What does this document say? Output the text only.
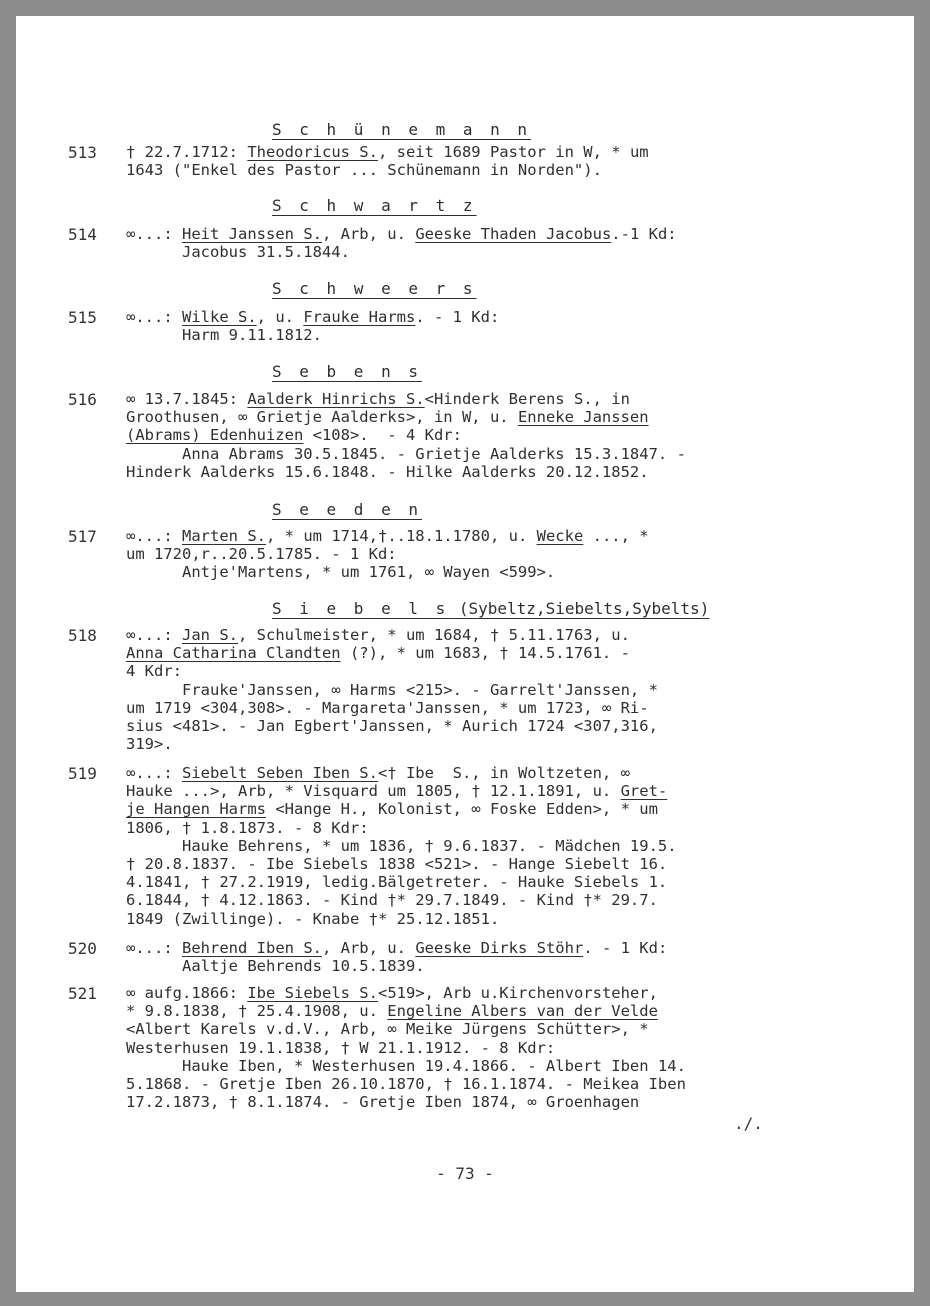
S c h ü n e m a n n
513 † 22.7.1712: Theodoricus S., seit 1689 Pastor in W, * um
1643 ("Enkel des Pastor ... Schünemann in Norden").
S c h w a r t z
514 ∞...: Heit Janssen S., Arb, u. Geeske Thaden Jacobus.-1 Kd:
Jacobus 31.5.1844.
S c h w e e r s
515 ∞...: Wilke S., u. Frauke Harms. - 1 Kd:
Harm 9.11.1812.
S e b e n s
516 ∞ 13.7.1845: Aalderk Hinrichs S.<Hinderk Berens S., in
Groothusen, ∞ Grietje Aalderks>, in W, u. Enneke Janssen
(Abrams) Edenhuizen <108>.  - 4 Kdr:
Anna Abrams 30.5.1845. - Grietje Aalderks 15.3.1847. -
Hinderk Aalderks 15.6.1848. - Hilke Aalderks 20.12.1852.
S e e d e n
517 ∞...: Marten S., * um 1714,†..18.1.1780, u. Wecke ..., *
um 1720,r..20.5.1785. - 1 Kd:
Antje'Martens, * um 1761, ∞ Wayen <599>.
S i e b e l s (Sybeltz,Siebelts,Sybelts)
518 ∞...: Jan S., Schulmeister, * um 1684, † 5.11.1763, u.
Anna Catharina Clandten (?), * um 1683, † 14.5.1761. -
4 Kdr:
Frauke'Janssen, ∞ Harms <215>. - Garrelt'Janssen, *
um 1719 <304,308>. - Margareta'Janssen, * um 1723, ∞ Ri-
sius <481>. - Jan Egbert'Janssen, * Aurich 1724 <307,316,
319>.
519 ∞...: Siebelt Seben Iben S.<† Ibe  S., in Woltzeten, ∞
Hauke ...>, Arb, * Visquard um 1805, † 12.1.1891, u. Gret-
je Hangen Harms <Hange H., Kolonist, ∞ Foske Edden>, * um
1806, † 1.8.1873. - 8 Kdr:
Hauke Behrens, * um 1836, † 9.6.1837. - Mädchen 19.5.
† 20.8.1837. - Ibe Siebels 1838 <521>. - Hange Siebelt 16.
4.1841, † 27.2.1919, ledig.Bälgetreter. - Hauke Siebels 1.
6.1844, † 4.12.1863. - Kind †* 29.7.1849. - Kind †* 29.7.
1849 (Zwillinge). - Knabe †* 25.12.1851.
520 ∞...: Behrend Iben S., Arb, u. Geeske Dirks Stöhr. - 1 Kd:
Aaltje Behrends 10.5.1839.
521 ∞ aufg.1866: Ibe Siebels S.<519>, Arb u.Kirchenvorsteher,
* 9.8.1838, † 25.4.1908, u. Engeline Albers van der Velde
<Albert Karels v.d.V., Arb, ∞ Meike Jürgens Schütter>, *
Westerhusen 19.1.1838, † W 21.1.1912. - 8 Kdr:
Hauke Iben, * Westerhusen 19.4.1866. - Albert Iben 14.
5.1868. - Gretje Iben 26.10.1870, † 16.1.1874. - Meikea Iben
17.2.1873, † 8.1.1874. - Gretje Iben 1874, ∞ Groenhagen
./.
- 73 -
